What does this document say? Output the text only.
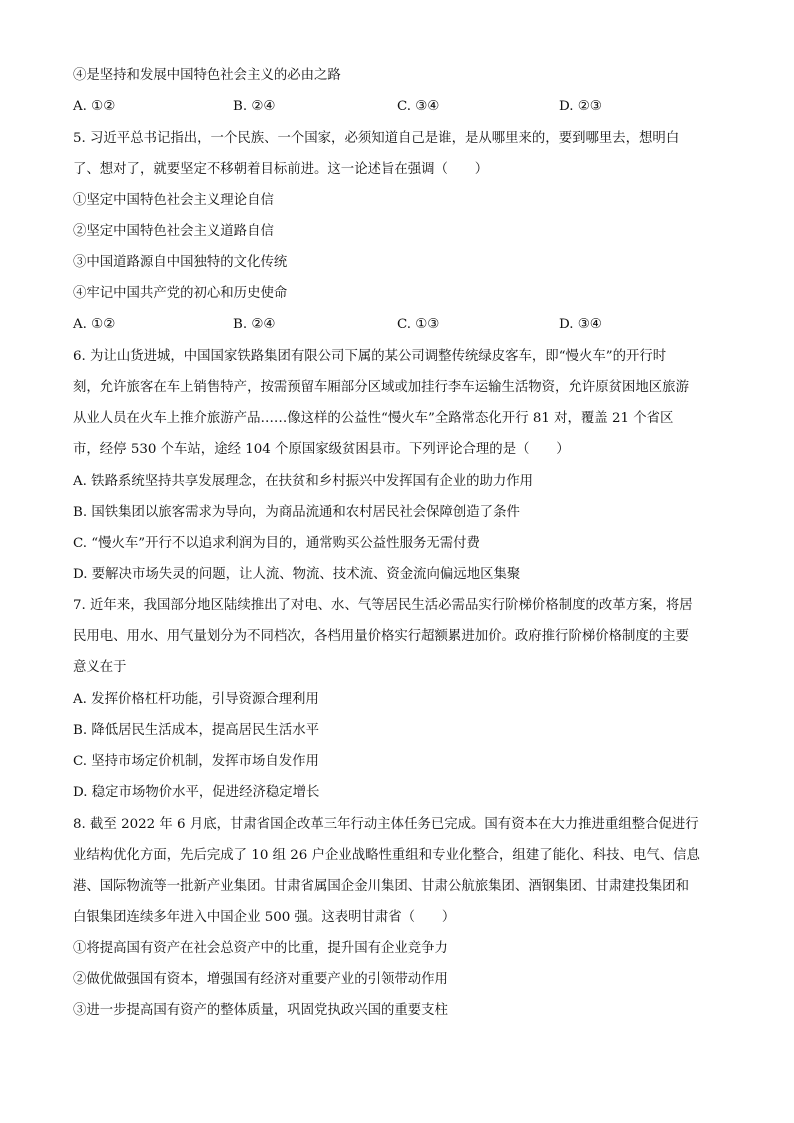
④是坚持和发展中国特色社会主义的必由之路
A. ①②	B. ②④	C. ③④	D. ②③
5. 习近平总书记指出，一个民族、一个国家，必须知道自己是谁，是从哪里来的，要到哪里去，想明白
了、想对了，就要坚定不移朝着目标前进。这一论述旨在强调（　　）
①坚定中国特色社会主义理论自信
②坚定中国特色社会主义道路自信
③中国道路源自中国独特的文化传统
④牢记中国共产党的初心和历史使命
A. ①②	B. ②④	C. ①③	D. ③④
6. 为让山货进城，中国国家铁路集团有限公司下属的某公司调整传统绿皮客车，即“慢火车”的开行时
刻，允许旅客在车上销售特产，按需预留车厢部分区域或加挂行李车运输生活物资，允许原贫困地区旅游
从业人员在火车上推介旅游产品……像这样的公益性“慢火车”全路常态化开行 81 对，覆盖 21 个省区
市，经停 530 个车站，途经 104 个原国家级贫困县市。下列评论合理的是（　　）
A. 铁路系统坚持共享发展理念，在扶贫和乡村振兴中发挥国有企业的助力作用
B. 国铁集团以旅客需求为导向，为商品流通和农村居民社会保障创造了条件
C. “慢火车”开行不以追求利润为目的，通常购买公益性服务无需付费
D. 要解决市场失灵的问题，让人流、物流、技术流、资金流向偏远地区集聚
7. 近年来，我国部分地区陆续推出了对电、水、气等居民生活必需品实行阶梯价格制度的改革方案，将居
民用电、用水、用气量划分为不同档次，各档用量价格实行超额累进加价。政府推行阶梯价格制度的主要
意义在于
A. 发挥价格杠杆功能，引导资源合理利用
B. 降低居民生活成本，提高居民生活水平
C. 坚持市场定价机制，发挥市场自发作用
D. 稳定市场物价水平，促进经济稳定增长
8. 截至 2022 年 6 月底，甘肃省国企改革三年行动主体任务已完成。国有资本在大力推进重组整合促进行
业结构优化方面，先后完成了 10 组 26 户企业战略性重组和专业化整合，组建了能化、科技、电气、信息
港、国际物流等一批新产业集团。甘肃省属国企金川集团、甘肃公航旅集团、酒钢集团、甘肃建投集团和
白银集团连续多年进入中国企业 500 强。这表明甘肃省（　　）
①将提高国有资产在社会总资产中的比重，提升国有企业竞争力
②做优做强国有资本，增强国有经济对重要产业的引领带动作用
③进一步提高国有资产的整体质量，巩固党执政兴国的重要支柱
